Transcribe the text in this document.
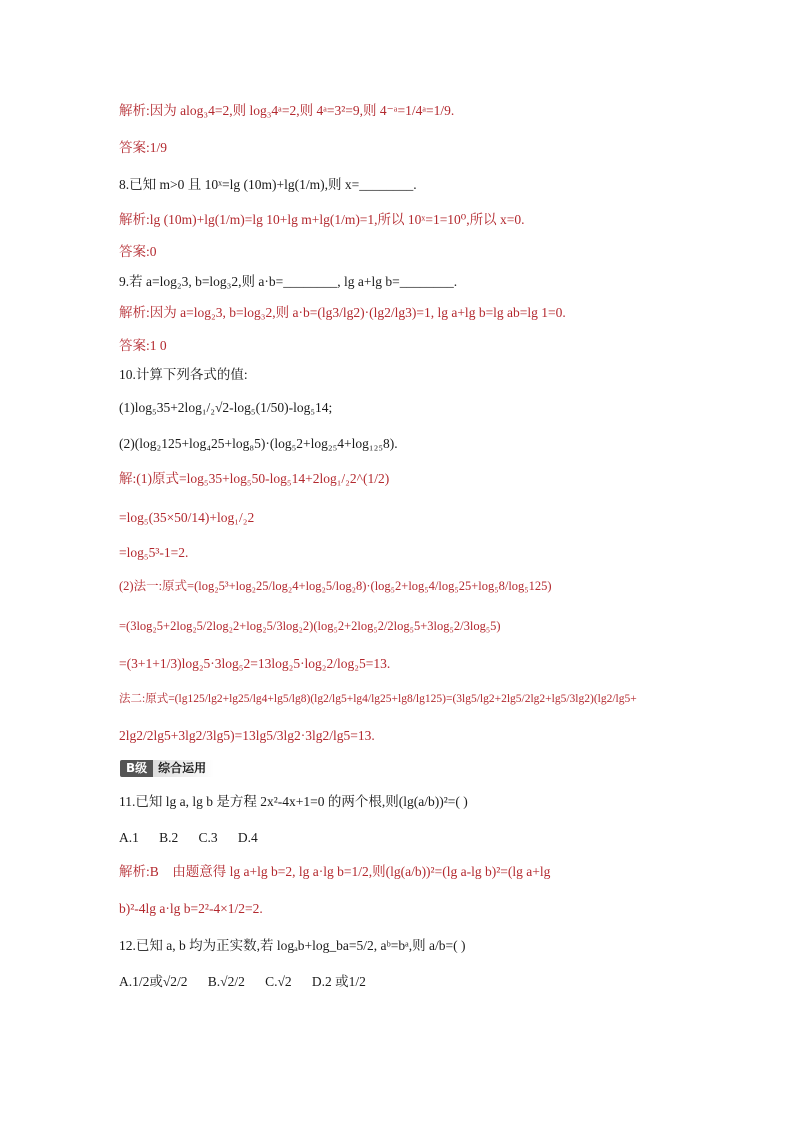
解析:因为 alog₃4=2,则 log₃4ᵃ=2,则 4ᵃ=3²=9,则 4⁻ᵃ=1/4ᵃ=1/9.
答案:1/9
8.已知 m>0 且 10ˣ=lg (10m)+lg(1/m),则 x=________.
解析:lg (10m)+lg(1/m)=lg 10+lg m+lg(1/m)=1,所以 10ˣ=1=10⁰,所以 x=0.
答案:0
9.若 a=log₂3, b=log₃2,则 a·b=________, lg a+lg b=________.
解析:因为 a=log₂3, b=log₃2,则 a·b=(lg3/lg2)·(lg2/lg3)=1, lg a+lg b=lg ab=lg 1=0.
答案:1 0
10.计算下列各式的值:
(1)log₅35+2log₁/₂√2-log₅(1/50)-log₅14;
(2)(log₂125+log₄25+log₈5)·(log₅2+log₂₅4+log₁₂₅8).
解:(1)原式=log₅35+log₅50-log₅14+2log₁/₂2^(1/2)
=log₅(35×50/14)+log₁/₂2
=log₅5³-1=2.
(2)法一:原式=(log₂5³+log₂25/log₂4+log₂5/log₂8)·(log₅2+log₅4/log₅25+log₅8/log₅125)
=(3log₂5+2log₂5/2log₂2+log₂5/3log₂2)(log₅2+2log₅2/2log₅5+3log₅2/3log₅5)
=(3+1+1/3)log₂5·3log₅2=13log₂5·log₂2/log₂5=13.
法二:原式=(lg125/lg2+lg25/lg4+lg5/lg8)(lg2/lg5+lg4/lg25+lg8/lg125)=(3lg5/lg2+2lg5/2lg2+lg5/3lg2)(lg2/lg5+
2lg2/2lg5+3lg2/3lg5)=13lg5/3lg2·3lg2/lg5=13.
B级 综合运用
11.已知 lg a, lg b 是方程 2x²-4x+1=0 的两个根,则(lg(a/b))²=( )
A.1      B.2      C.3      D.4
解析:B    由题意得 lg a+lg b=2, lg a·lg b=1/2,则(lg(a/b))²=(lg a-lg b)²=(lg a+lg
b)²-4lg a·lg b=2²-4×1/2=2.
12.已知 a, b 均为正实数,若 logₐb+log_ba=5/2, aᵇ=bᵃ,则 a/b=( )
A.1/2或√2/2      B.√2/2      C.√2      D.2 或1/2
